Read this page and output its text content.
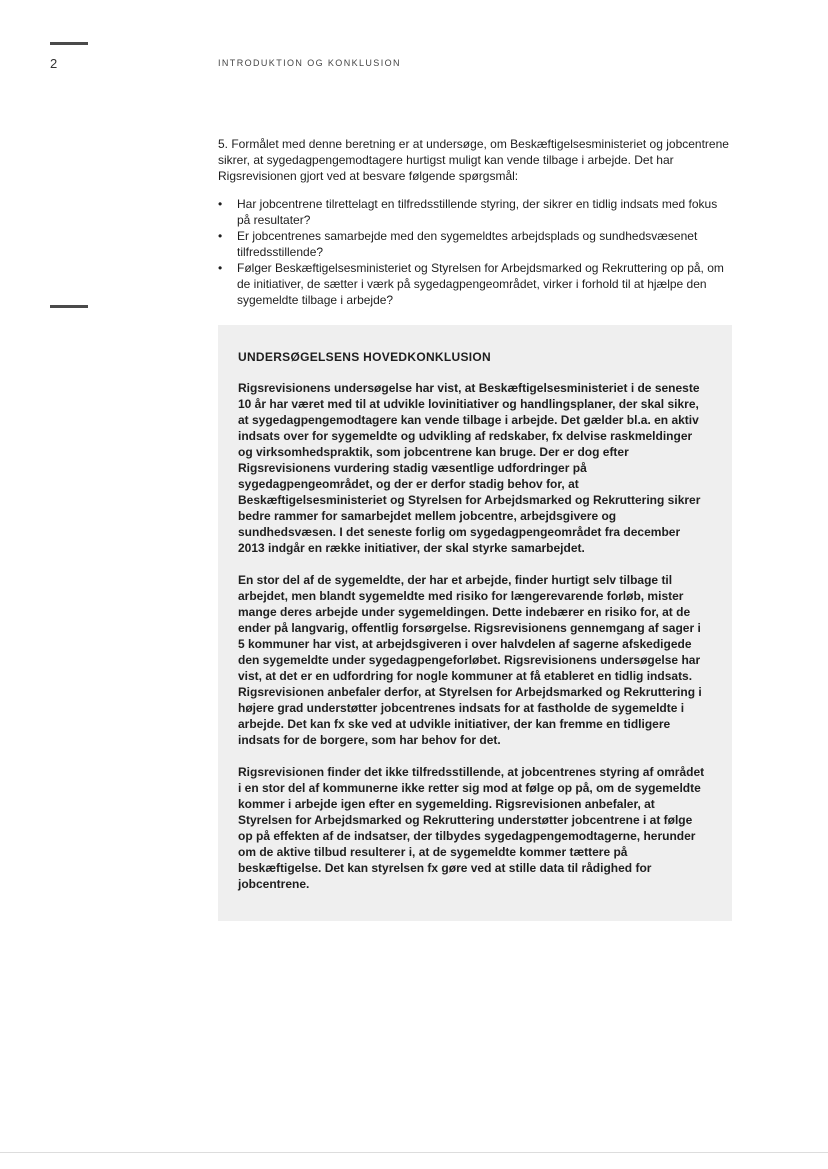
2	INTRODUKTION OG KONKLUSION

5. Formålet med denne beretning er at undersøge, om Beskæftigelsesministeriet og jobcentrene sikrer, at sygedagpengemodtagere hurtigst muligt kan vende tilbage i arbejde. Det har Rigsrevisionen gjort ved at besvare følgende spørgsmål:

• Har jobcentrene tilrettelagt en tilfredsstillende styring, der sikrer en tidlig indsats med fokus på resultater?
• Er jobcentrenes samarbejde med den sygemeldtes arbejdsplads og sundhedsvæsenet tilfredsstillende?
• Følger Beskæftigelsesministeriet og Styrelsen for Arbejdsmarked og Rekruttering op på, om de initiativer, de sætter i værk på sygedagpengeområdet, virker i forhold til at hjælpe den sygemeldte tilbage i arbejde?
UNDERSØGELSENS HOVEDKONKLUSION

Rigsrevisionens undersøgelse har vist, at Beskæftigelsesministeriet i de seneste 10 år har været med til at udvikle lovinitiativer og handlingsplaner, der skal sikre, at sygedagpengemodtagere kan vende tilbage i arbejde. Det gælder bl.a. en aktiv indsats over for sygemeldte og udvikling af redskaber, fx delvise raskmeldinger og virksomhedspraktik, som jobcentrene kan bruge. Der er dog efter Rigsrevisionens vurdering stadig væsentlige udfordringer på sygedagpengeområdet, og der er derfor stadig behov for, at Beskæftigelsesministeriet og Styrelsen for Arbejdsmarked og Rekruttering sikrer bedre rammer for samarbejdet mellem jobcentre, arbejdsgivere og sundhedsvæsen. I det seneste forlig om sygedagpengeområdet fra december 2013 indgår en række initiativer, der skal styrke samarbejdet.

En stor del af de sygemeldte, der har et arbejde, finder hurtigt selv tilbage til arbejdet, men blandt sygemeldte med risiko for længerevarende forløb, mister mange deres arbejde under sygemeldingen. Dette indebærer en risiko for, at de ender på langvarig, offentlig forsørgelse. Rigsrevisionens gennemgang af sager i 5 kommuner har vist, at arbejdsgiveren i over halvdelen af sagerne afskedigede den sygemeldte under sygedagpengeforløbet. Rigsrevisionens undersøgelse har vist, at det er en udfordring for nogle kommuner at få etableret en tidlig indsats. Rigsrevisionen anbefaler derfor, at Styrelsen for Arbejdsmarked og Rekruttering i højere grad understøtter jobcentrenes indsats for at fastholde de sygemeldte i arbejde. Det kan fx ske ved at udvikle initiativer, der kan fremme en tidligere indsats for de borgere, som har behov for det.

Rigsrevisionen finder det ikke tilfredsstillende, at jobcentrenes styring af området i en stor del af kommunerne ikke retter sig mod at følge op på, om de sygemeldte kommer i arbejde igen efter en sygemelding. Rigsrevisionen anbefaler, at Styrelsen for Arbejdsmarked og Rekruttering understøtter jobcentrene i at følge op på effekten af de indsatser, der tilbydes sygedagpengemodtagerne, herunder om de aktive tilbud resulterer i, at de sygemeldte kommer tættere på beskæftigelse. Det kan styrelsen fx gøre ved at stille data til rådighed for jobcentrene.
